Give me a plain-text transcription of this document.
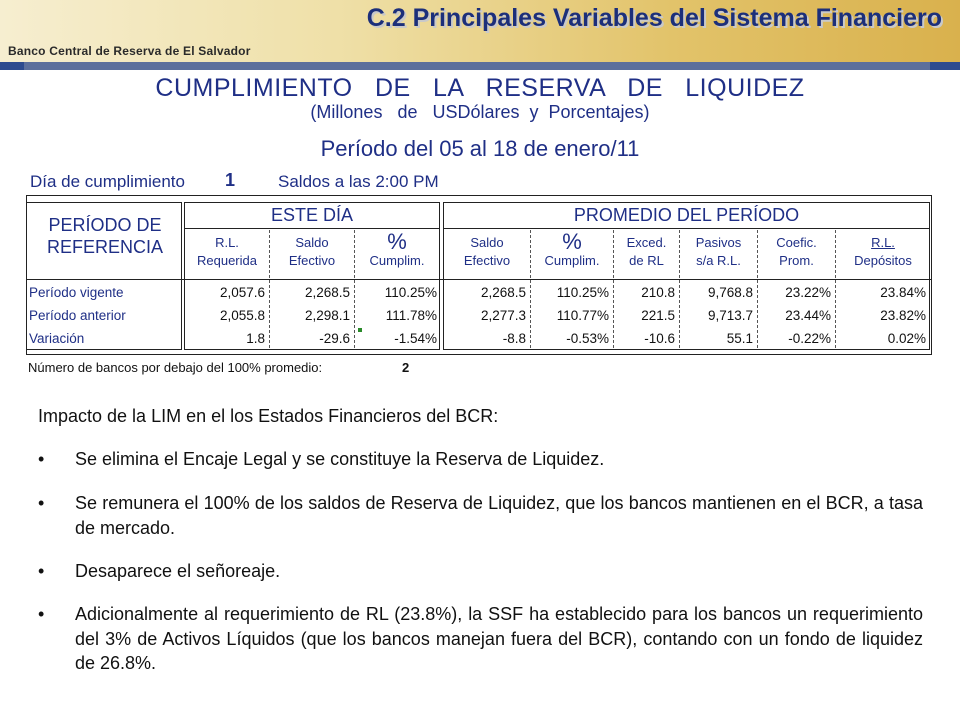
C.2 Principales Variables del Sistema Financiero
Banco Central de Reserva de El Salvador
CUMPLIMIENTO   DE   LA   RESERVA   DE   LIQUIDEZ
(Millones   de   USDólares  y  Porcentajes)
Período del 05 al 18 de enero/11
Día de cumplimiento 1	Saldos a las 2:00 PM
PERÍODO DE
REFERENCIA
ESTE DÍA	PROMEDIO DEL PERÍODO
R.L.
Requerida
Saldo
Efectivo
%
Cumplim.
Saldo
Efectivo
%
Cumplim.
Exced.
de RL
Pasivos
s/a R.L.
Coefic.
Prom.
R.L.
Depósitos
Período vigente	2,057.6	2,268.5	110.25%	2,268.5	110.25%	210.8	9,768.8	23.22%	23.84%
Período anterior	2,055.8	2,298.1	111.78%	2,277.3	110.77%	221.5	9,713.7	23.44%	23.82%
Variación	1.8	-29.6	-1.54%	-8.8	-0.53%	-10.6	55.1	-0.22%	0.02%
Número de bancos por debajo del 100% promedio:	2
Impacto de la LIM en el los Estados Financieros del BCR:
• Se elimina el Encaje Legal y se constituye la Reserva de Liquidez.
• Se remunera el 100% de los saldos de Reserva de Liquidez, que los bancos mantienen en el BCR, a tasa de mercado.
• Desaparece el señoreaje.
• Adicionalmente al requerimiento de RL (23.8%), la SSF ha establecido para los bancos un requerimiento del 3% de Activos Líquidos (que los bancos manejan fuera del BCR), contando con un fondo de liquidez de 26.8%.
